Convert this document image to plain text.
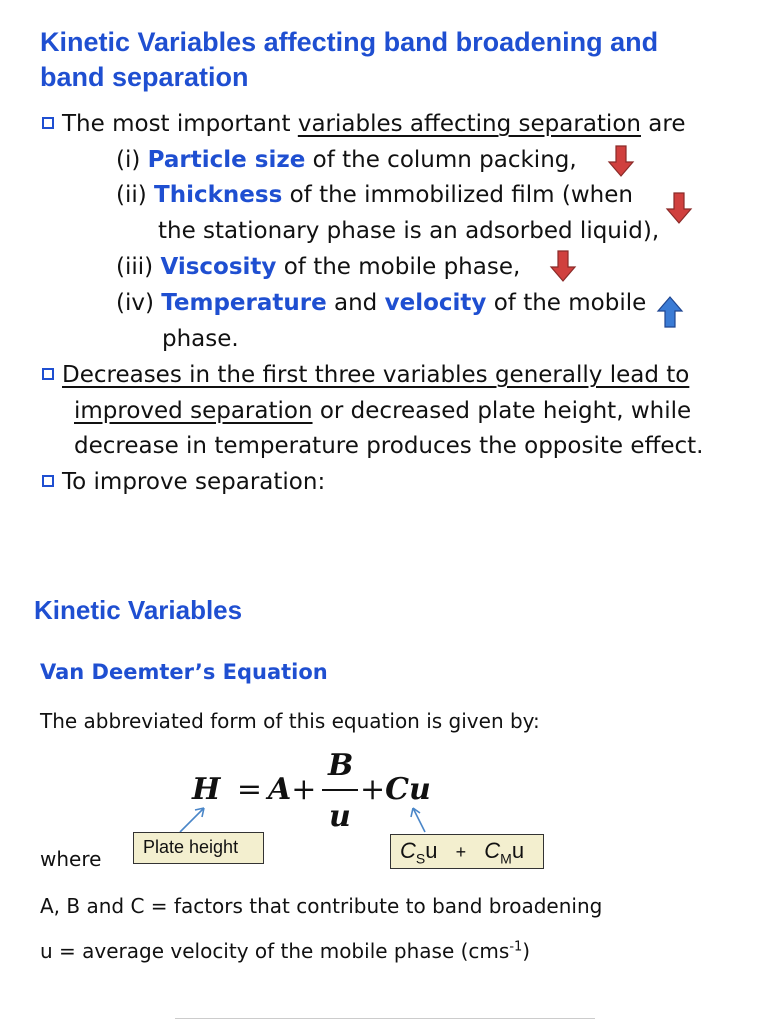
Kinetic Variables affecting band broadening and
band separation
The most important variables affecting separation are
(i) Particle size of the column packing,
(ii) Thickness of the immobilized film (when
the stationary phase is an adsorbed liquid),
(iii) Viscosity of the mobile phase,
(iv) Temperature and velocity of the mobile
phase.
Decreases in the first three variables generally lead to
improved separation or decreased plate height, while
decrease in temperature produces the opposite effect.
To improve separation:
Kinetic Variables
Van Deemter’s Equation
The abbreviated form of this equation is given by:
H = A+
B
u
+Cu
where	Plate height	$C_Su + C_Mu$
A, B and C = factors that contribute to band broadening
u = average velocity of the mobile phase (cms$^{-1}$)
